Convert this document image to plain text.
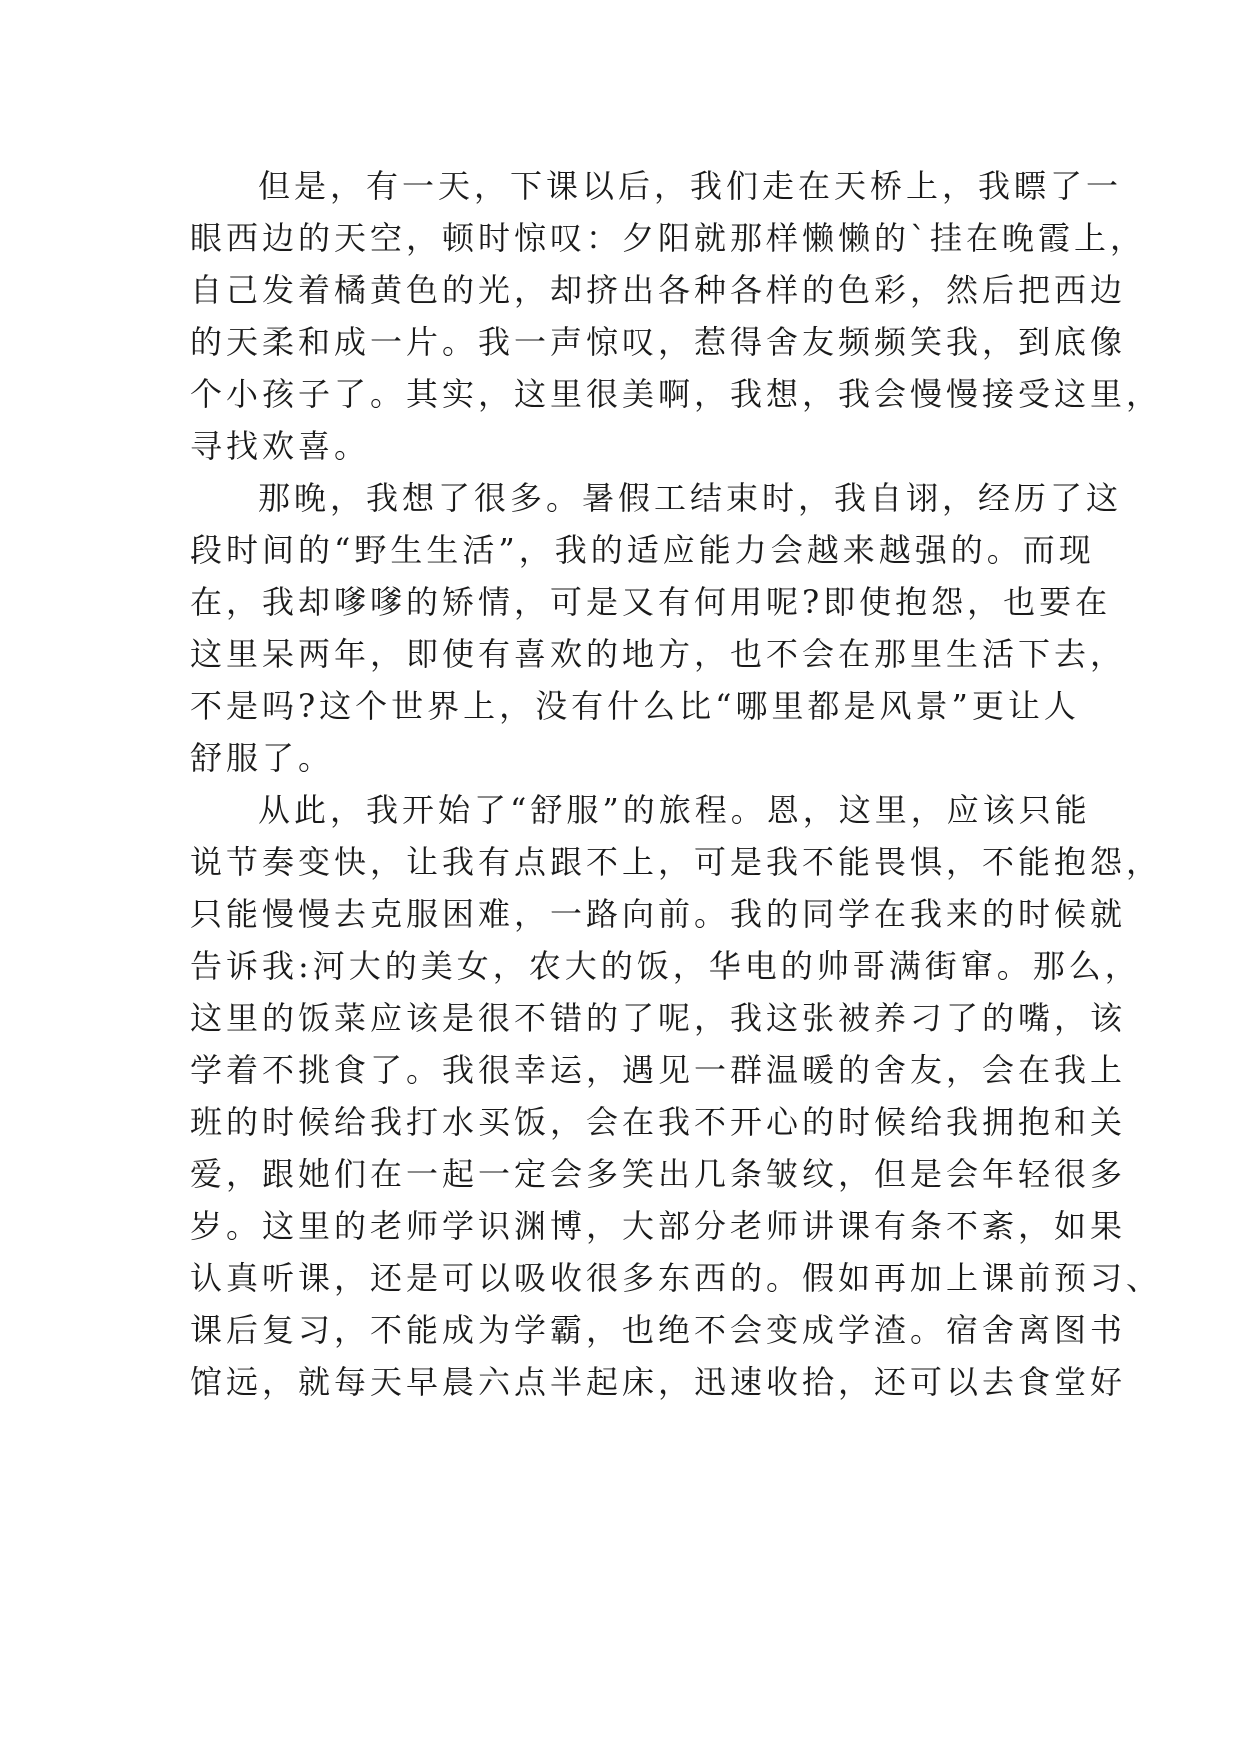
但是，有一天，下课以后，我们走在天桥上，我瞟了一
眼西边的天空，顿时惊叹：夕阳就那样懒懒的`挂在晚霞上，
自己发着橘黄色的光，却挤出各种各样的色彩，然后把西边
的天柔和成一片。我一声惊叹，惹得舍友频频笑我，到底像
个小孩子了。其实，这里很美啊，我想，我会慢慢接受这里，
寻找欢喜。
那晚，我想了很多。暑假工结束时，我自诩，经历了这
段时间的“野生生活”，我的适应能力会越来越强的。而现
在，我却嗲嗲的矫情，可是又有何用呢?即使抱怨，也要在
这里呆两年，即使有喜欢的地方，也不会在那里生活下去，
不是吗?这个世界上，没有什么比“哪里都是风景”更让人
舒服了。
从此，我开始了“舒服”的旅程。恩，这里，应该只能
说节奏变快，让我有点跟不上，可是我不能畏惧，不能抱怨，
只能慢慢去克服困难，一路向前。我的同学在我来的时候就
告诉我:河大的美女，农大的饭，华电的帅哥满街窜。那么，
这里的饭菜应该是很不错的了呢，我这张被养刁了的嘴，该
学着不挑食了。我很幸运，遇见一群温暖的舍友，会在我上
班的时候给我打水买饭，会在我不开心的时候给我拥抱和关
爱，跟她们在一起一定会多笑出几条皱纹，但是会年轻很多
岁。这里的老师学识渊博，大部分老师讲课有条不紊，如果
认真听课，还是可以吸收很多东西的。假如再加上课前预习、
课后复习，不能成为学霸，也绝不会变成学渣。宿舍离图书
馆远，就每天早晨六点半起床，迅速收拾，还可以去食堂好
